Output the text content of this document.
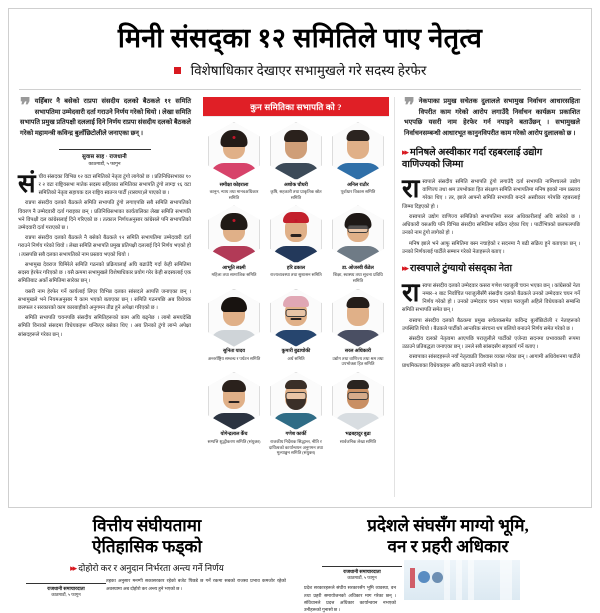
मिनी संसद्का १२ समितिले पाए नेतृत्व
विशेषाधिकार देखाएर सभामुखले गरे सदस्य हेरफेर
❞ यहिँबार नै बसेको राप्रपा संसदीय दलको बैठकले ११ समिति सभापतिमा उम्मेदवारी दर्ता गराउने निर्णय गरेको थियो । लेखा समिति सभापति प्रमुख प्रतिपक्षी दललाई दिने निर्णय राप्रपा संसदीय दलको बैठकले गरेको महामन्त्री कविन्द्र बुलाँछिटोलीले जनाएका छन् ।
सुवास साह · राजधानी
काठमाडौं, ५ फागुन

सं घीय संसदका विभिन्न १२ वटा समितिको नेतृत्व टुंगो लागेको छ । प्रतिनिधिसभाका १० र २ वटा राष्ट्रियसभा मातेक सदस्य सहितका समितिका सभापति टुंगो लाग्दा १६ वटा समितिको नेतृत्व सहायक दल राष्ट्रिय स्वतन्त्र पार्टी (रास्वपा)ले पाएको छ ।

राप्रपा संसदीय दलको बैठकले समिति सभापति टुंगो लगाएपछि सबै समिति सभापतिको विवरण नै उम्मेदवारी दर्ता गराइका छन् । प्रतिनिधिसभाका कार्यतालिका लेखा समिति सभापति भने विपक्षी दल कांग्रेसलाई दिने गरिएको छ । तत्काल निर्णयअनुसार कांग्रेसले पनि सभापतिको उम्मेदवारी दर्ता गराएको छ ।

राप्रपा संसदीय दलको बैठकले नै बसेको बैठकले १२ समिति सभापतिमा उम्मेदवारी दर्ता गराउने निर्णय गरेको थियो । लेखा समिति सभापति प्रमुख प्रतिपक्षी दललाई दिने निर्णय भएको हो । त्यसपछि सबै दलका सभापतिको नाम प्रस्ताव भएको थियो ।

सभामुख देवराज घिमिरेले समिति गठनको प्रक्रियालाई अघि बढाउँदै गर्दा केही समितिमा सदस्य हेरफेर गरिएको छ । यसै क्रममा सभामुखले विशेषाधिकार प्रयोग गरेर केही सदस्यलाई एक समितिबाट अर्को समितिमा सारेका छन् ।

यसरी नाम हेरफेर गर्ने कार्यलाई लिएर विभिन्न दलका सांसदले आपत्ति जनाएका छन् । सभामुखले भने नियमअनुसार नै काम भएको बताएका छन् । समिति गठनपछि अब विधेयक छलफल र सरकारको काम कारबाहीको अनुगमन तीव्र हुने अपेक्षा गरिएको छ ।

समिति सभापति चयनपछि संसदीय समितिहरूको काम अघि बढ्नेछ । लामो समयदेखि समिति विनाको संसदमा विधेयकहरू थन्किएर बसेका थिए । अब तिनको टुंगो लाग्ने अपेक्षा सांसदहरूले गरेका छन् ।

कुन समितिका सभापति को ?
समीक्षा कोइराला
कानुन, न्याय तथा मानवअधिकार समिति
अशोक चौधरी
कृषि, सहकारी तथा प्राकृतिक स्रोत समिति
अनिल राठौर
पूर्वाधार विकास समिति
आभूति लक्ष्मी
महिला तथा सामाजिक समिति
हरि ढकाल
राज्यव्यवस्था तथा सुशासन समिति
डा. ओजस्वी कँडेल
शिक्षा, स्वास्थ्य तथा सूचना प्रविधि समिति
सुनिता यादव
अन्तर्राष्ट्रिय सम्बन्ध र पर्यटन समिति
कुमारी बुढाथोकी
अर्थ समिति
सरल अधिकारी
उद्योग तथा वाणिज्य तथा श्रम तथा उपभोक्ता हित समिति
योगेन्द्रलाल केँच
सम्पत्ति शुद्धीकरण समिति (संयुक्त)
गणेश कार्की
राजकीय निर्देशक सिद्धान्त, नीति र दायित्वको कार्यान्वयन अनुगमन तथा मूल्याङ्कन समिति (संयुक्त)
भद्रबहादुर बुढा
सार्वजनिक लेखा समिति
❞ नेकपाका प्रमुख सचेतक दुलालले सभामुख निर्वाचन आधारसहिता विपरीत काम गरेको आरोप लगाउँदै निर्वाचन कार्यक्रम प्रकाशित भएपछि यसरी नाम हेरफेर गर्न नपाइने बताउँछन् । सभामुखले निर्वाचनसम्बन्धी आधारभूत कानुनविपरीत काम गरेको आरोप दुलालको छ ।
▸▸ मनिषले अस्वीकार गर्दा रहबरलाई उद्योग वाणिज्यको जिम्मा

रा स्वपाले संसदीय समिति सभापति टुंगो लगाउँदै दर्ता सभापति नामिश्चलले उद्योग वाणिज्य तथा श्रम उपभोक्ता हित संरक्षण समिति सभापतिमा मनिष झाको नाम प्रस्ताव गरेका थिए । तर, झाले आफ्नो समिति सभापति बन्दने अस्वीकार गरेपछि रहबरलाई जिम्मा दिइएको हो ।

रास्वपाले उद्योग वाणिज्य समितिको सभापतिमा सरल अधिकारीलाई अघि सारेको छ । अधिकारी यसअघि पनि विभिन्न संसदीय समितिमा सक्रिय रहेका थिए । पार्टीभित्रको छलफलपछि उनको नाम टुंगो लागेको हो ।

मनिष झाले भने आफू समितिमा बस्न नचाहेको र सदनमा नै बढी सक्रिय हुने बताएका छन् । उनको निर्णयलाई पार्टीले सम्मान गरेको नेताहरूले बताए ।

▸▸ रास्वपाले टुंग्यायो संसद्का नेता

रा स्वपा संसदीय दलको उम्मेदवार कसरा गणेश पराजुली चयन भएका छन् । कांग्रेसको नेता नम्बर–२ बाट निर्वाचित पराजुलीसँगै संसदीय दलको बैठकले उनको उम्मेदवार चयन गर्ने निर्णय गरेको हो । उनको उम्मेदवार चयन भएका पराजुली अहिले विधेयकको सम्बन्धि समिति सभापति समेत छन् ।

रास्वपा संसदीय दलको बैठकमा प्रमुख सचेतकसमेत कविन्द्र बुलाँछिटोली र नेताहरूको उपस्थिति थियो । बैठकले पार्टीको आन्तरिक संरचना थप बलियो बनाउने निर्णय समेत गरेको छ ।

संसदीय दलको नेतृत्वमा आएपछि पराजुलीले पार्टीको एजेन्डा सदनमा प्रभावकारी रूपमा उठाउने प्रतिबद्धता जनाएका छन् । उनले सबै सांसदसँग सहकार्य गर्ने बताए ।

रास्वपाका सांसदहरूले नयाँ नेतृत्वप्रति विश्वास व्यक्त गरेका छन् । आगामी अधिवेशनमा पार्टीले प्राथमिकताका विधेयकहरू अघि बढाउने तयारी गरेको छ ।

वित्तीय संघीयतामा
ऐतिहासिक फड्को
▸▸ दोहोरो कर र अनुदान निर्भरता अन्त्य गर्ने निर्णय
राजधानी समाचारदाता
काठमाडौं, ५ फागुन
तहका अनुसार मनग्गी सकासरकार रहेको बजेट पिछडे छ गर्ने रकमा सबको राजस्व प्रभाव कमजोर रहेको अवस्थामा अब दोहोरो कर अन्त्य हुने भएको छ ।
प्रदेशले संघसँग माग्यो भूमि,
वन र प्रहरी अधिकार
राजधानी समाचारदाता
काठमाडौं, ५ फागुन
प्रदेश सरकारहरूले संघीय सरकारसँग भूमि व्यवस्था, वन तथा प्रहरी समायोजनको अधिकार माग गरेका छन् । संविधानले प्रदत्त अधिकार कार्यान्वयन नभएको उनीहरूको गुनासो छ ।
